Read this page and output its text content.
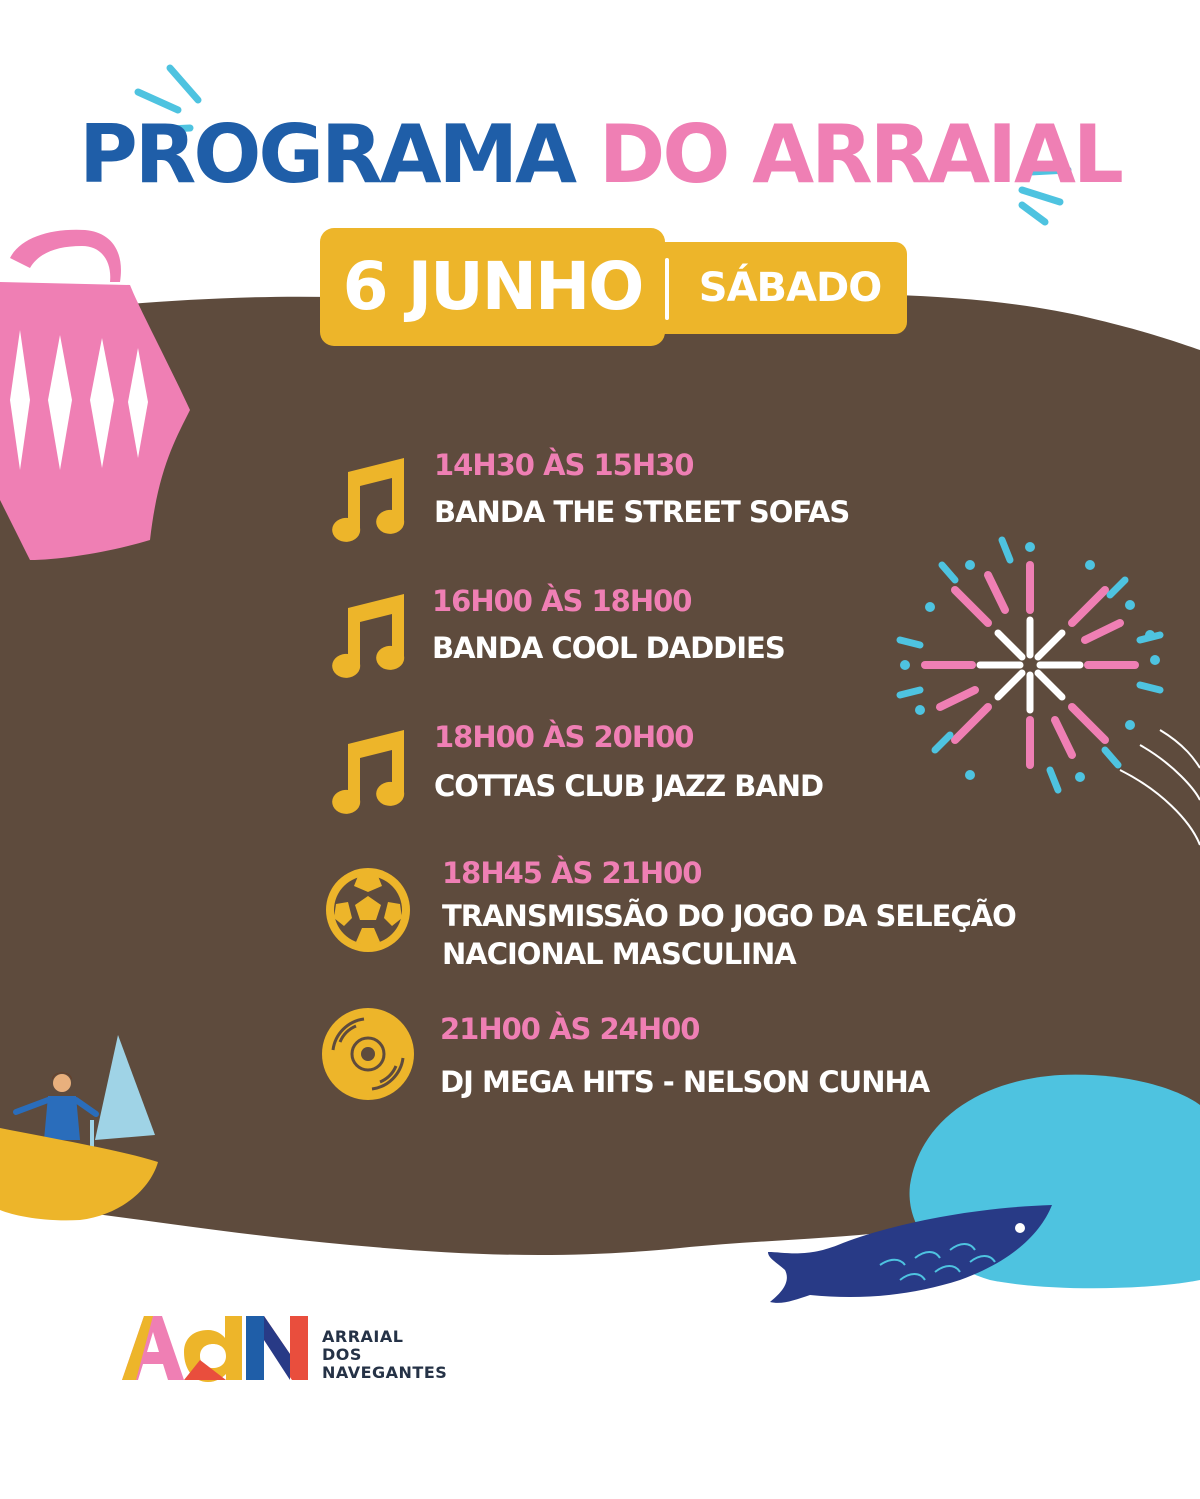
PROGRAMA DO ARRAIAL
6 JUNHO	SÁBADO
14H30 ÀS 15H30
BANDA THE STREET SOFAS
16H00 ÀS 18H00
BANDA COOL DADDIES
18H00 ÀS 20H00
COTTAS CLUB JAZZ BAND
18H45 ÀS 21H00
TRANSMISSÃO DO JOGO DA SELEÇÃO
NACIONAL MASCULINA
21H00 ÀS 24H00
DJ MEGA HITS - NELSON CUNHA
ARRAIAL
DOS
NAVEGANTES
